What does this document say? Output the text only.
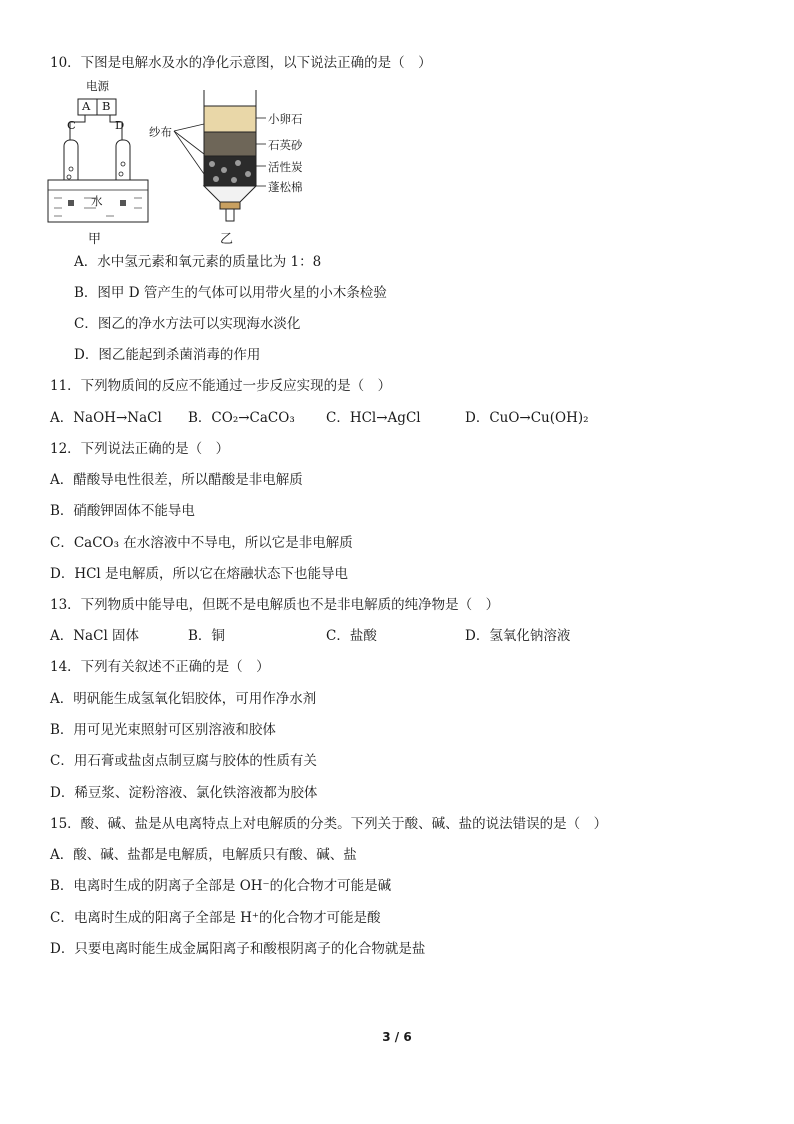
10．下图是电解水及水的净化示意图，以下说法正确的是（　）
电源
A B
C	D
水
甲	乙
纱布
小卵石
石英砂
活性炭
蓬松棉
A．水中氢元素和氧元素的质量比为 1：8
B．图甲 D 管产生的气体可以用带火星的小木条检验
C．图乙的净水方法可以实现海水淡化
D．图乙能起到杀菌消毒的作用
11．下列物质间的反应不能通过一步反应实现的是（　）
A．NaOH→NaCl B．CO₂→CaCO₃ C．HCl→AgCl	D．CuO→Cu(OH)₂
12．下列说法正确的是（　）
A．醋酸导电性很差，所以醋酸是非电解质
B．硝酸钾固体不能导电
C．CaCO₃ 在水溶液中不导电，所以它是非电解质
D．HCl 是电解质，所以它在熔融状态下也能导电
13．下列物质中能导电，但既不是电解质也不是非电解质的纯净物是（　）
A．NaCl 固体	B．铜	C．盐酸	D．氢氧化钠溶液
14．下列有关叙述不正确的是（　）
A．明矾能生成氢氧化铝胶体，可用作净水剂
B．用可见光束照射可区别溶液和胶体
C．用石膏或盐卤点制豆腐与胶体的性质有关
D．稀豆浆、淀粉溶液、氯化铁溶液都为胶体
15．酸、碱、盐是从电离特点上对电解质的分类。下列关于酸、碱、盐的说法错误的是（　）
A．酸、碱、盐都是电解质，电解质只有酸、碱、盐
B．电离时生成的阴离子全部是 OH⁻的化合物才可能是碱
C．电离时生成的阳离子全部是 H⁺的化合物才可能是酸
D．只要电离时能生成金属阳离子和酸根阴离子的化合物就是盐
3 / 6
